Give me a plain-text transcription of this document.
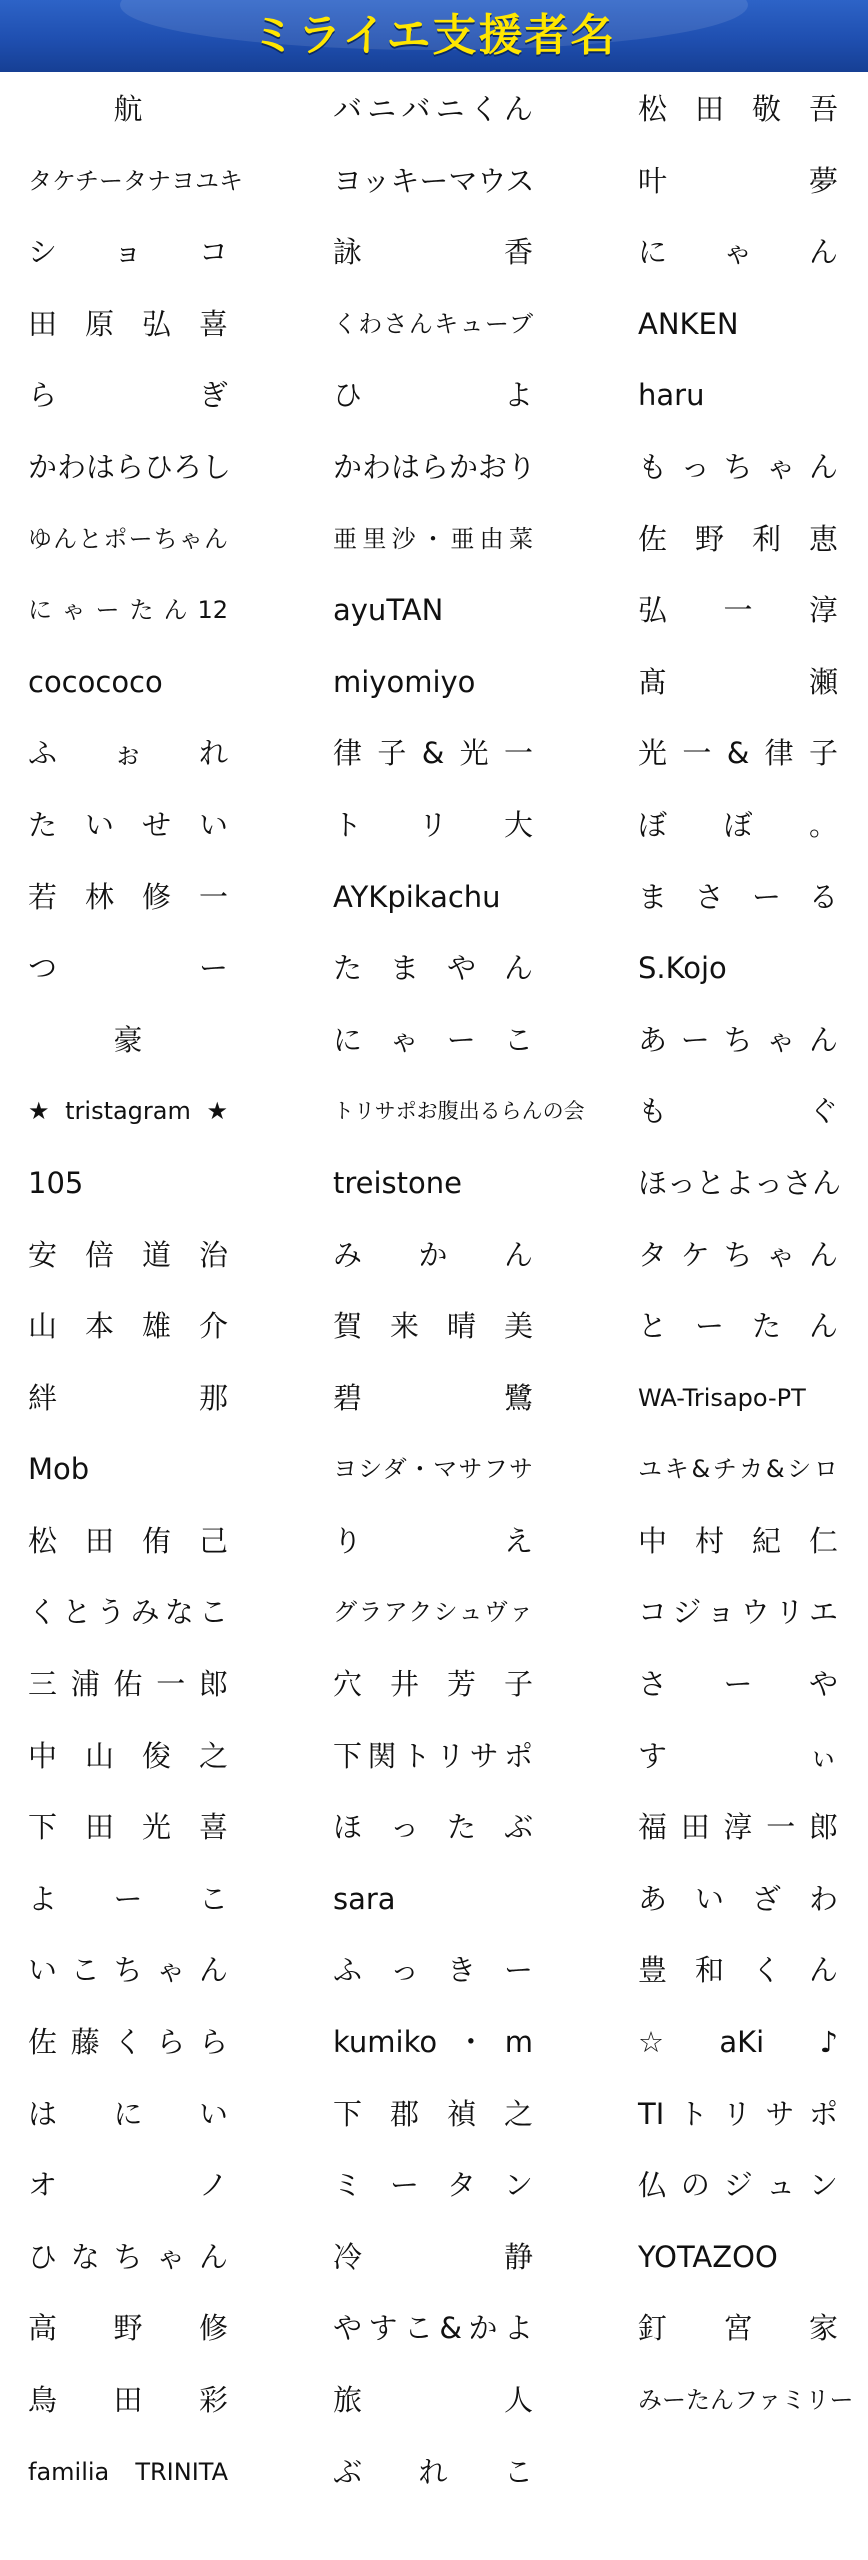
ミライエ支援者名
航
タケチータナヨユキ
ショコ
田原弘喜
らぎ
かわはらひろし
ゆんとポーちゃん
にゃーたん12
cocococo
ふぉれ
たいせい
若林修一
つー
豪
★tristagram★
105
安倍道治
山本雄介
絆那
Mob
松田侑己
くとうみなこ
三浦佑一郎
中山俊之
下田光喜
よーこ
いこちゃん
佐藤くらら
はにい
オノ
ひなちゃん
高野修
鳥田彩
familia TRINITA
バニバニくん
ヨッキーマウス
詠香
くわさんキューブ
ひよ
かわはらかおり
亜里沙・亜由菜
ayuTAN
miyomiyo
律子&光一
トリ大
AYKpikachu
たまやん
にゃーこ
トリサポお腹出るらんの会
treistone
みかん
賀来晴美
碧鷺
ヨシダ・マサフサ
りえ
グラアクシュヴァ
穴井芳子
下関トリサポ
ほったぶ
sara
ふっきー
kumiko・m
下郡禎之
ミータン
冷静
やすこ&かよ
旅人
ぶれこ
松田敬吾
叶夢
にゃん
ANKEN
haru
もっちゃん
佐野利恵
弘一淳
髙瀬
光一&律子
ぼぼ。
まさーる
S.Kojo
あーちゃん
もぐ
ほっとよっさん
タケちゃん
とーたん
WA-Trisapo-PT
ユキ&チカ&シロ
中村紀仁
コジョウリエ
さーや
すぃ
福田淳一郎
あいざわ
豊和くん
☆aKi♪
TIトリサポ
仏のジュン
YOTAZOO
釘宮家
みーたんファミリー
